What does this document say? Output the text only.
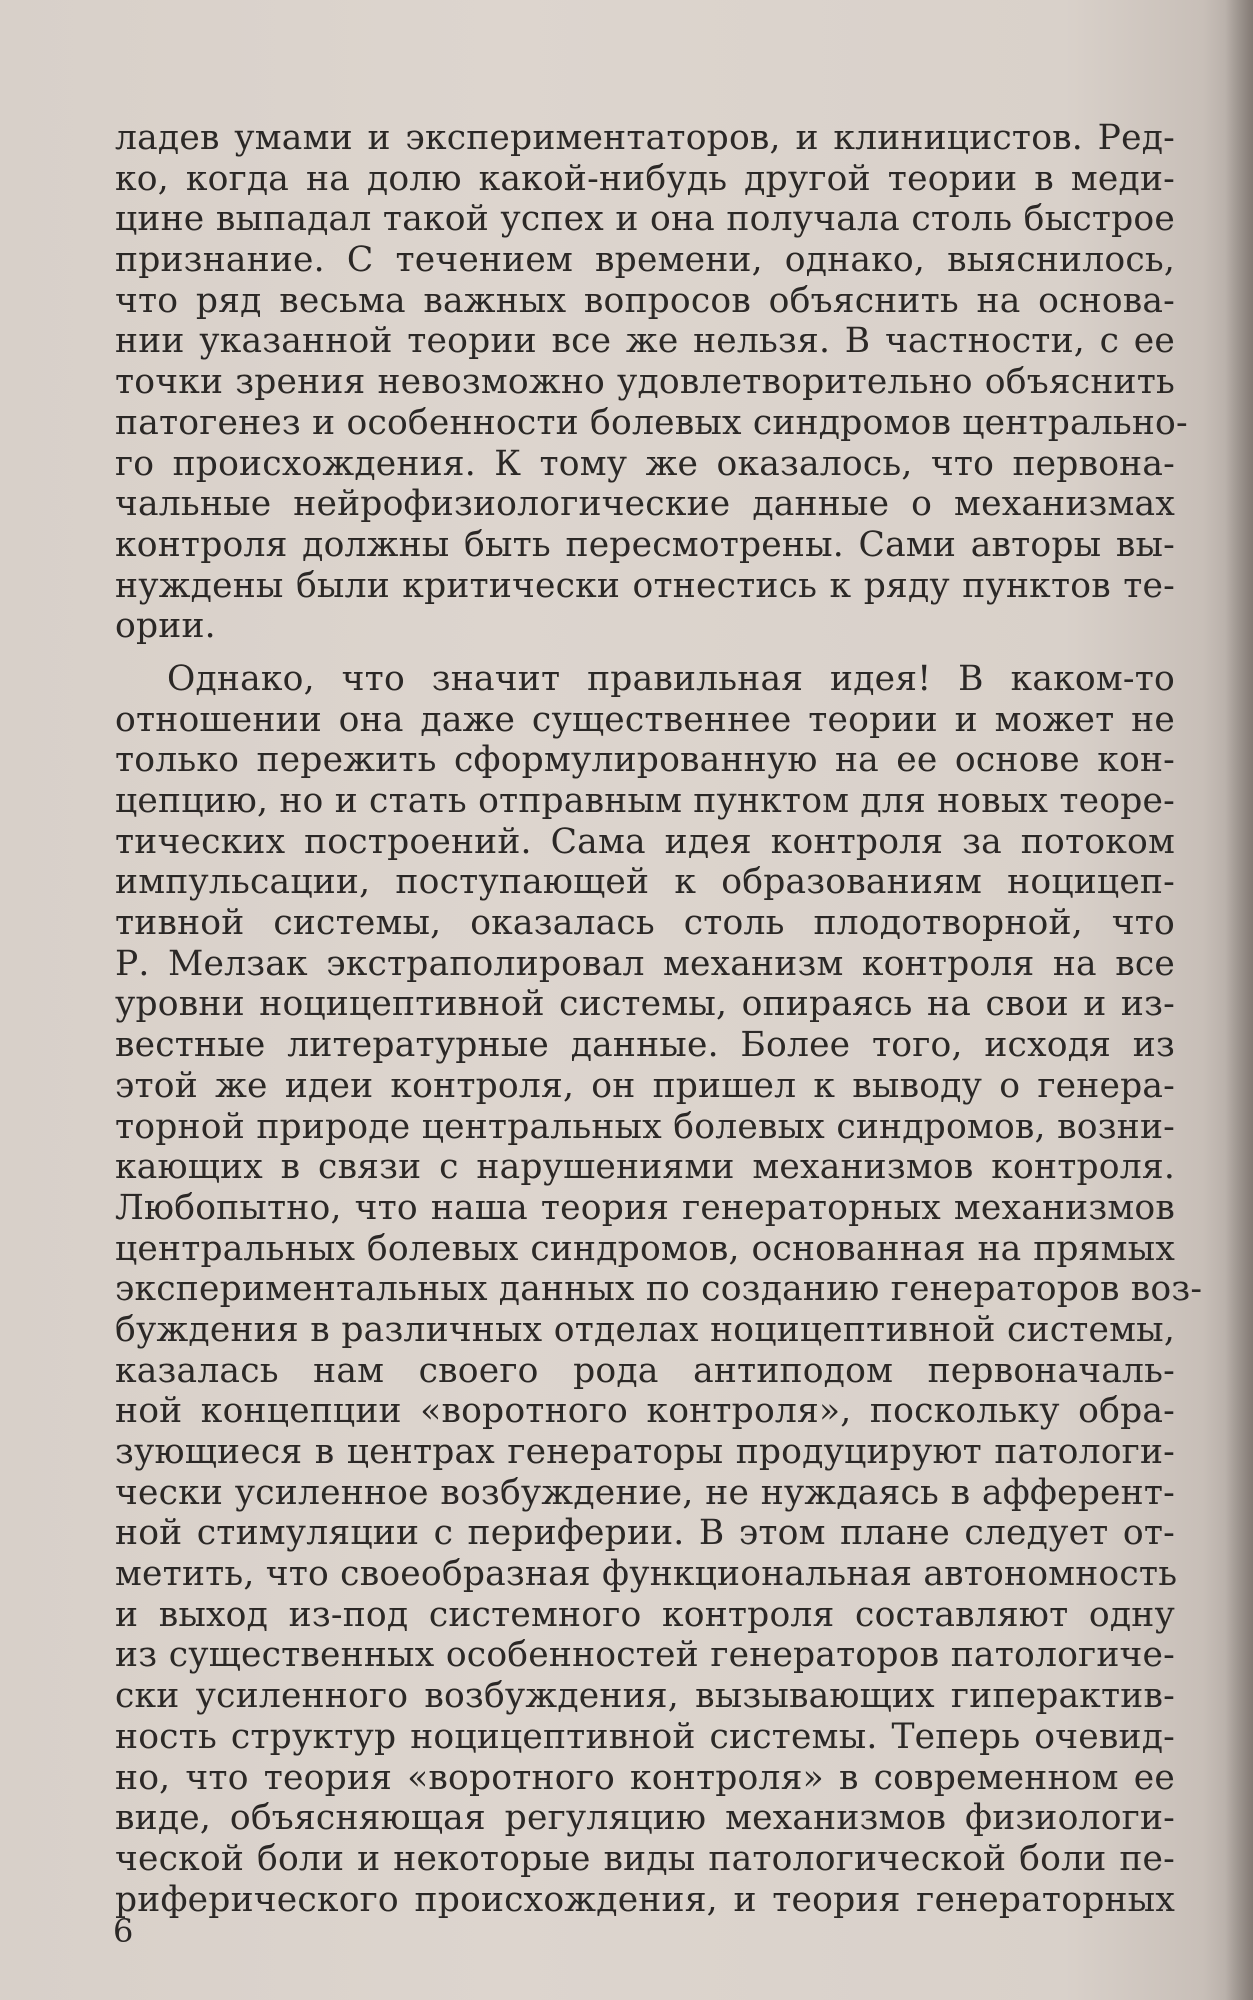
ладев умами и экспериментаторов, и клиницистов. Ред-
ко, когда на долю какой-нибудь другой теории в меди-
цине выпадал такой успех и она получала столь быстрое
признание. С течением времени, однако, выяснилось,
что ряд весьма важных вопросов объяснить на основа-
нии указанной теории все же нельзя. В частности, с ее
точки зрения невозможно удовлетворительно объяснить
патогенез и особенности болевых синдромов центрально-
го происхождения. К тому же оказалось, что первона-
чальные нейрофизиологические данные о механизмах
контроля должны быть пересмотрены. Сами авторы вы-
нуждены были критически отнестись к ряду пунктов те-
ории.
Однако, что значит правильная идея! В каком-то
отношении она даже существеннее теории и может не
только пережить сформулированную на ее основе кон-
цепцию, но и стать отправным пунктом для новых теоре-
тических построений. Сама идея контроля за потоком
импульсации, поступающей к образованиям ноцицеп-
тивной системы, оказалась столь плодотворной, что
Р. Мелзак экстраполировал механизм контроля на все
уровни ноцицептивной системы, опираясь на свои и из-
вестные литературные данные. Более того, исходя из
этой же идеи контроля, он пришел к выводу о генера-
торной природе центральных болевых синдромов, возни-
кающих в связи с нарушениями механизмов контроля.
Любопытно, что наша теория генераторных механизмов
центральных болевых синдромов, основанная на прямых
экспериментальных данных по созданию генераторов воз-
буждения в различных отделах ноцицептивной системы,
казалась нам своего рода антиподом первоначаль-
ной концепции «воротного контроля», поскольку обра-
зующиеся в центрах генераторы продуцируют патологи-
чески усиленное возбуждение, не нуждаясь в афферент-
ной стимуляции с периферии. В этом плане следует от-
метить, что своеобразная функциональная автономность
и выход из-под системного контроля составляют одну
из существенных особенностей генераторов патологиче-
ски усиленного возбуждения, вызывающих гиперактив-
ность структур ноцицептивной системы. Теперь очевид-
но, что теория «воротного контроля» в современном ее
виде, объясняющая регуляцию механизмов физиологи-
ческой боли и некоторые виды патологической боли пе-
риферического происхождения, и теория генераторных
6
